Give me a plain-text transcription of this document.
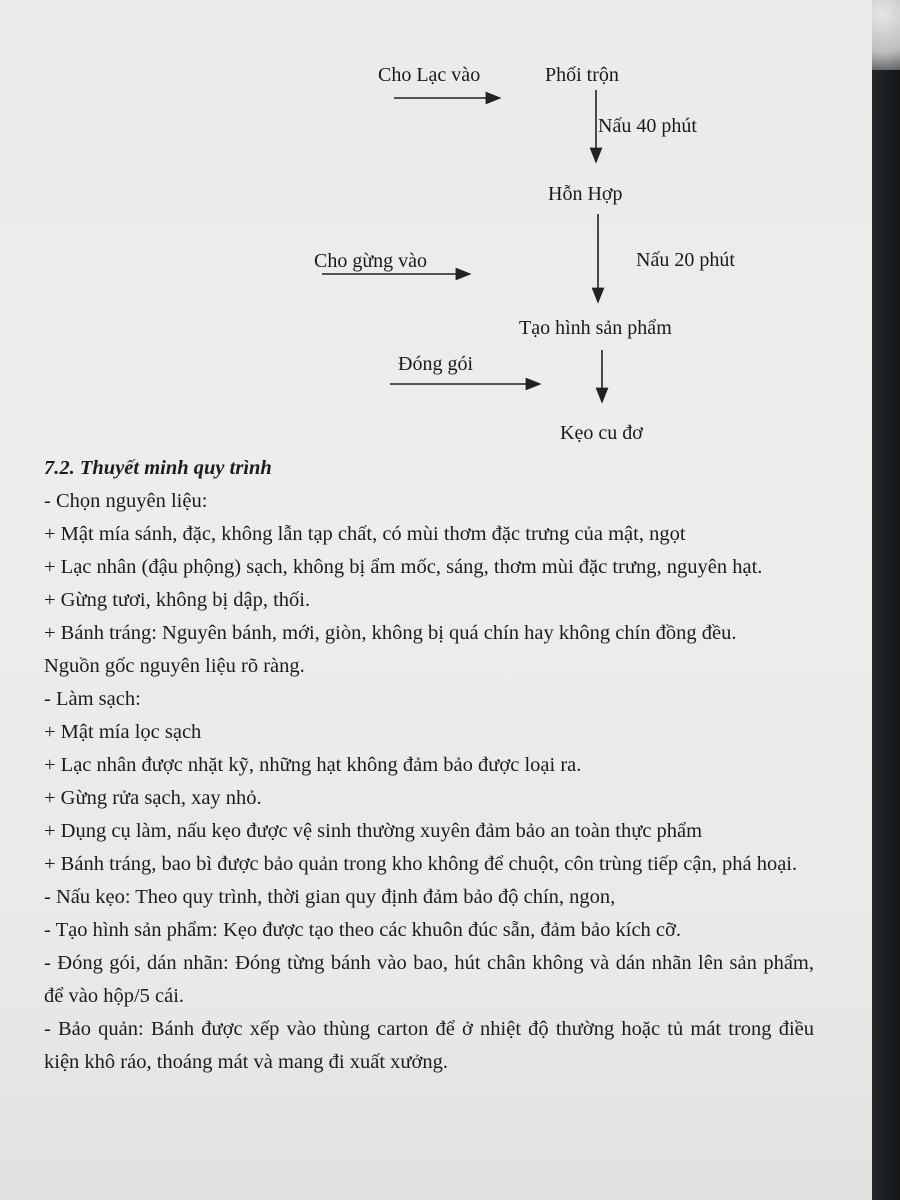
Cho Lạc vào	Phối trộn
Nấu 40 phút
Hỗn Hợp
Cho gừng vào	Nấu 20 phút
Tạo hình sản phẩm
Đóng gói
Kẹo cu đơ

7.2. Thuyết minh quy trình

- Chọn nguyên liệu:

+ Mật mía sánh, đặc, không lẫn tạp chất, có mùi thơm đặc trưng của mật, ngọt

+ Lạc nhân (đậu phộng) sạch, không bị ẩm mốc, sáng, thơm mùi đặc trưng, nguyên hạt.

+ Gừng tươi, không bị dập, thối.

+ Bánh tráng: Nguyên bánh, mới, giòn, không bị quá chín hay không chín đồng đều.

Nguồn gốc nguyên liệu rõ ràng.

- Làm sạch:

+ Mật mía lọc sạch

+ Lạc nhân được nhặt kỹ, những hạt không đảm bảo được loại ra.

+ Gừng rửa sạch, xay nhỏ.

+ Dụng cụ làm, nấu kẹo được vệ sinh thường xuyên đảm bảo an toàn thực phẩm

+ Bánh tráng, bao bì được bảo quản trong kho không để chuột, côn trùng tiếp cận, phá hoại.

- Nấu kẹo: Theo quy trình, thời gian quy định đảm bảo độ chín, ngon,

- Tạo hình sản phẩm: Kẹo được tạo theo các khuôn đúc sẵn, đảm bảo kích cỡ.

- Đóng gói, dán nhãn: Đóng từng bánh vào bao, hút chân không và dán nhãn lên sản phẩm, để vào hộp/5 cái.

- Bảo quản: Bánh được xếp vào thùng carton để ở nhiệt độ thường hoặc tủ mát trong điều kiện khô ráo, thoáng mát và mang đi xuất xưởng.
